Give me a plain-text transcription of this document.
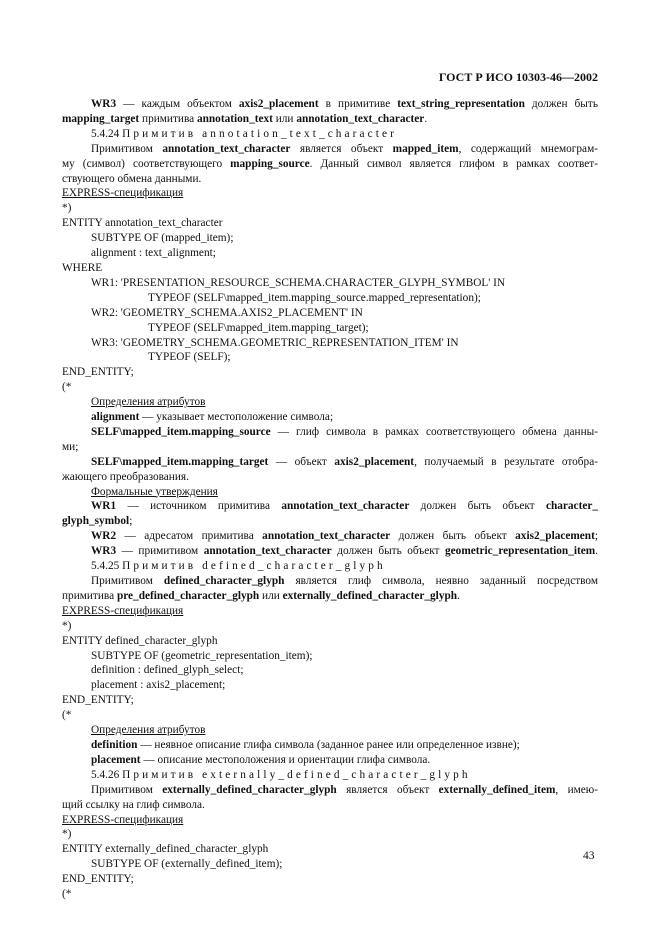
ГОСТ Р ИСО 10303-46—2002
WR3 — каждым объектом axis2_placement в примитиве text_string_representation должен быть
mapping_target примитива annotation_text или annotation_text_character.
5.4.24 Примитив annotation_text_character
Примитивом annotation_text_character является объект mapped_item, содержащий мнемограм-
му (символ) соответствующего mapping_source. Данный символ является глифом в рамках соответ-
ствующего обмена данными.
EXPRESS-спецификация
*)
ENTITY annotation_text_character
SUBTYPE OF (mapped_item);
alignment : text_alignment;
WHERE
WR1: 'PRESENTATION_RESOURCE_SCHEMA.CHARACTER_GLYPH_SYMBOL' IN
TYPEOF (SELF\mapped_item.mapping_source.mapped_representation);
WR2: 'GEOMETRY_SCHEMA.AXIS2_PLACEMENT' IN
TYPEOF (SELF\mapped_item.mapping_target);
WR3: 'GEOMETRY_SCHEMA.GEOMETRIC_REPRESENTATION_ITEM' IN
TYPEOF (SELF);
END_ENTITY;
(*
Определения атрибутов
alignment — указывает местоположение символа;
SELF\mapped_item.mapping_source — глиф символа в рамках соответствующего обмена данны-
ми;
SELF\mapped_item.mapping_target — объект axis2_placement, получаемый в результате отобра-
жающего преобразования.
Формальные утверждения
WR1 — источником примитива annotation_text_character должен быть объект character_
glyph_symbol;
WR2 — адресатом примитива annotation_text_character должен быть объект axis2_placement;
WR3 — примитивом annotation_text_character должен быть объект geometric_representation_item.
5.4.25 Примитив defined_character_glyph
Примитивом defined_character_glyph является глиф символа, неявно заданный посредством
примитива pre_defined_character_glyph или externally_defined_character_glyph.
EXPRESS-спецификация
*)
ENTITY defined_character_glyph
SUBTYPE OF (geometric_representation_item);
definition : defined_glyph_select;
placement : axis2_placement;
END_ENTITY;
(*
Определения атрибутов
definition — неявное описание глифа символа (заданное ранее или определенное извне);
placement — описание местоположения и ориентации глифа символа.
5.4.26 Примитив externally_defined_character_glyph
Примитивом externally_defined_character_glyph является объект externally_defined_item, имею-
щий ссылку на глиф символа.
EXPRESS-спецификация
*)
ENTITY externally_defined_character_glyph
SUBTYPE OF (externally_defined_item);
END_ENTITY;
(*
43
